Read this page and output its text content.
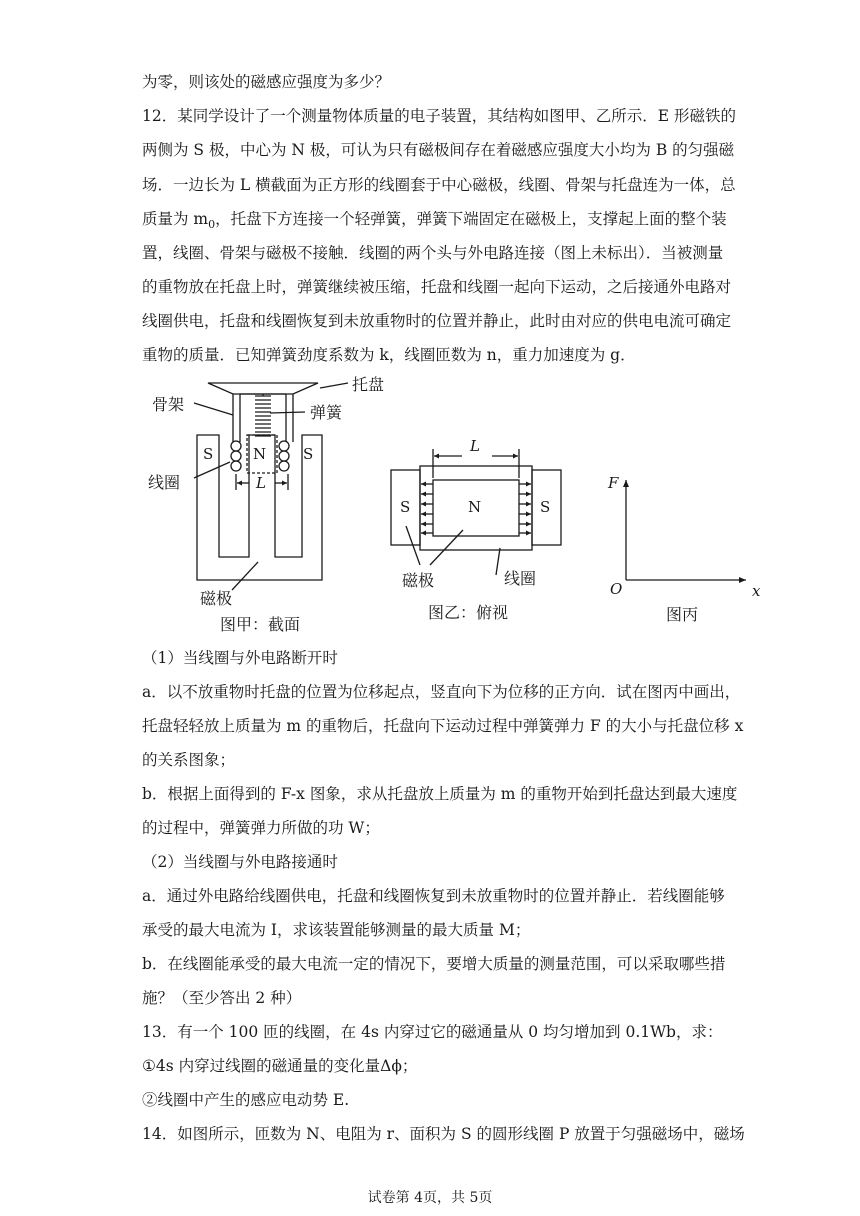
为零，则该处的磁感应强度为多少？
12．某同学设计了一个测量物体质量的电子装置，其结构如图甲、乙所示．E 形磁铁的
两侧为 S 极，中心为 N 极，可认为只有磁极间存在着磁感应强度大小均为 B 的匀强磁
场．一边长为 L 横截面为正方形的线圈套于中心磁极，线圈、骨架与托盘连为一体，总
质量为 $m_0$，托盘下方连接一个轻弹簧，弹簧下端固定在磁极上，支撑起上面的整个装
置，线圈、骨架与磁极不接触．线圈的两个头与外电路连接（图上未标出）．当被测量
的重物放在托盘上时，弹簧继续被压缩，托盘和线圈一起向下运动，之后接通外电路对
线圈供电，托盘和线圈恢复到未放重物时的位置并静止，此时由对应的供电电流可确定
重物的质量．已知弹簧劲度系数为 k，线圈匝数为 n，重力加速度为 g．
（1）当线圈与外电路断开时
a．以不放重物时托盘的位置为位移起点，竖直向下为位移的正方向．试在图丙中画出，
托盘轻轻放上质量为 m 的重物后，托盘向下运动过程中弹簧弹力 F 的大小与托盘位移 x
的关系图象；
b．根据上面得到的 F-x 图象，求从托盘放上质量为 m 的重物开始到托盘达到最大速度
的过程中，弹簧弹力所做的功 W；
（2）当线圈与外电路接通时
a．通过外电路给线圈供电，托盘和线圈恢复到未放重物时的位置并静止．若线圈能够
承受的最大电流为 I，求该装置能够测量的最大质量 M；
b．在线圈能承受的最大电流一定的情况下，要增大质量的测量范围，可以采取哪些措
施？（至少答出 2 种）
13．有一个 100 匝的线圈，在 4s 内穿过它的磁通量从 0 均匀增加到 0.1Wb，求：
①4s 内穿过线圈的磁通量的变化量Δϕ；
②线圈中产生的感应电动势 E.
14．如图所示，匝数为 N、电阻为 r、面积为 S 的圆形线圈 P 放置于匀强磁场中，磁场
托盘
骨架	弹簧
线圈
磁极
S	N S
L
图甲：截面
L
S	N	S
磁极	线圈
图乙：俯视
F
O	x
图丙
试卷第 4页，共 5页
